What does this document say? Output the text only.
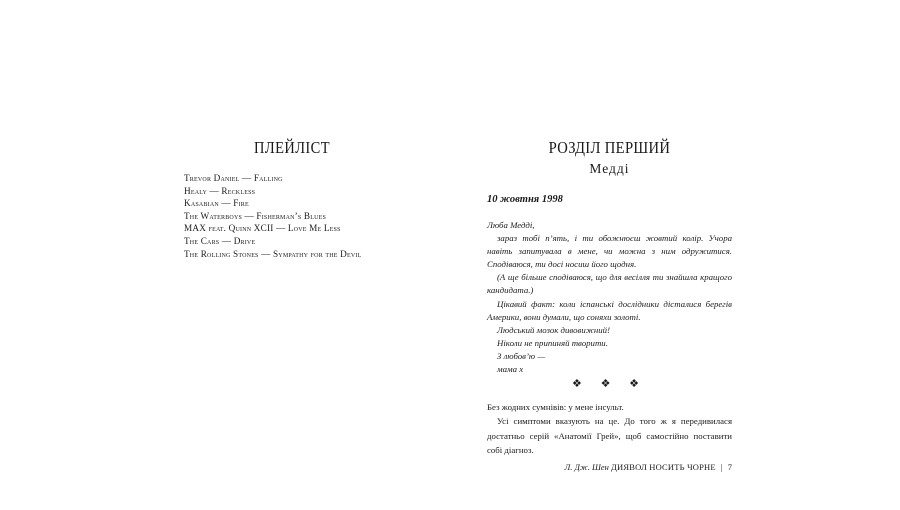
ПЛЕЙЛІСТ
Trevor Daniel — Falling
Healy — Reckless
Kasabian — Fire
The Waterboys — Fisherman’s Blues
MAX feat. Quinn XCII — Love Me Less
The Cars — Drive
The Rolling Stones — Sympathy for the Devil
РОЗДІЛ ПЕРШИЙ
Медді
10 жовтня 1998

Люба Медді,

зараз тобі п’ять, і ти обожнюєш жовтий колір. Учора навіть запитувала в мене, чи можна з ним одружитися. Сподіваюся, ти досі носиш його щодня.

(А ще більше сподіваюся, що для весілля ти знайшла кращого кандидата.)

Цікавий факт: коли іспанські дослідники дісталися берегів Америки, вони думали, що соняхи золоті.

Людський мозок дивовижний!

Ніколи не припиняй творити.

З любов’ю —

мама х

❖ ❖ ❖

Без жодних сумнівів: у мене інсульт.

Усі симптоми вказують на це. До того ж я передивилася достатньо серій «Анатомії Грей», щоб самостійно поставити собі діагноз.

Л. Дж. Шен ДИЯВОЛ НОСИТЬ ЧОРНЕ | 7
